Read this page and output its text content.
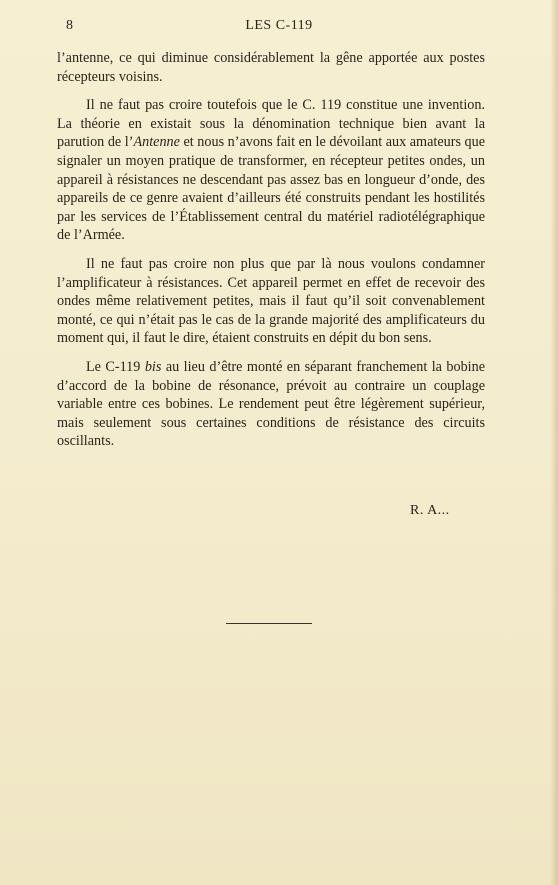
8	LES C-119

l’antenne, ce qui diminue considérablement la gêne apportée aux postes récepteurs voisins.

Il ne faut pas croire toutefois que le C. 119 constitue une invention. La théorie en existait sous la dénomination technique bien avant la parution de l’Antenne et nous n’avons fait en le dévoilant aux amateurs que signaler un moyen pratique de transformer, en récepteur petites ondes, un appareil à résistances ne descendant pas assez bas en longueur d’onde, des appareils de ce genre avaient d’ailleurs été construits pendant les hostilités par les services de l’Établissement central du matériel radiotélégraphique de l’Armée.

Il ne faut pas croire non plus que par là nous voulons condamner l’amplificateur à résistances. Cet appareil permet en effet de recevoir des ondes même relativement petites, mais il faut qu’il soit convenablement monté, ce qui n’était pas le cas de la grande majorité des amplificateurs du moment qui, il faut le dire, étaient construits en dépit du bon sens.

Le C-119 bis au lieu d’être monté en séparant franchement la bobine d’accord de la bobine de résonance, prévoit au contraire un couplage variable entre ces bobines. Le rendement peut être légèrement supérieur, mais seulement sous certaines conditions de résistance des circuits oscillants.

R. A...
